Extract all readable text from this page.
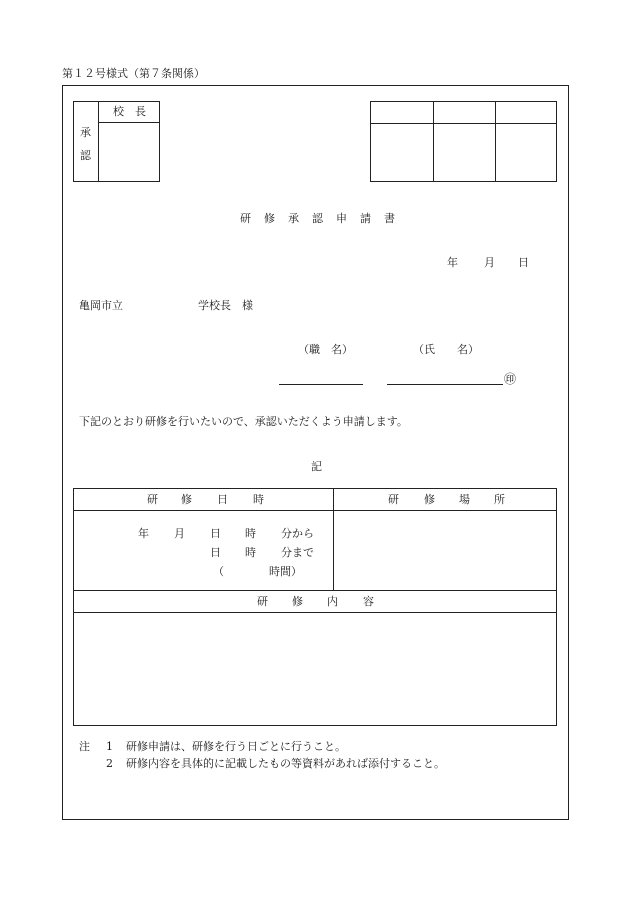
第１２号様式（第７条関係）
承
認
校　長
研 修 承 認 申 請 書
年 月 日
亀岡市立	学校長　様
（職　名）	（氏　　名）
㊞
下記のとおり研修を行いたいので、承認いただくよう申請します。
記
研 修 日 時	研 修 場 所
年 月 日 時 分から
日 時 分まで
（	時間）
研 修 内 容
注 1 研修申請は、研修を行う日ごとに行うこと。
2 研修内容を具体的に記載したもの等資料があれば添付すること。
